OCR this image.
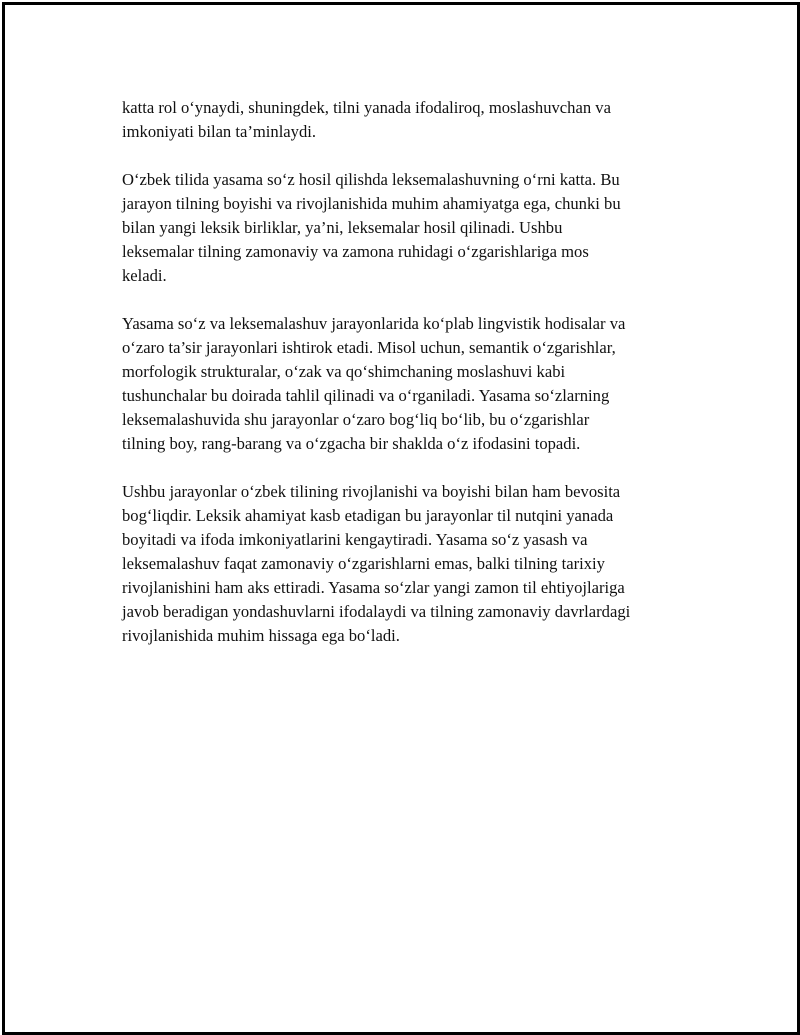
katta rol o‘ynaydi, shuningdek, tilni yanada ifodaliroq, moslashuvchan va
imkoniyati bilan ta’minlaydi.

O‘zbek tilida yasama so‘z hosil qilishda leksemalashuvning o‘rni katta. Bu
jarayon tilning boyishi va rivojlanishida muhim ahamiyatga ega, chunki bu
bilan yangi leksik birliklar, ya’ni, leksemalar hosil qilinadi. Ushbu
leksemalar tilning zamonaviy va zamona ruhidagi o‘zgarishlariga mos
keladi.

Yasama so‘z va leksemalashuv jarayonlarida ko‘plab lingvistik hodisalar va
o‘zaro ta’sir jarayonlari ishtirok etadi. Misol uchun, semantik o‘zgarishlar,
morfologik strukturalar, o‘zak va qo‘shimchaning moslashuvi kabi
tushunchalar bu doirada tahlil qilinadi va o‘rganiladi. Yasama so‘zlarning
leksemalashuvida shu jarayonlar o‘zaro bog‘liq bo‘lib, bu o‘zgarishlar
tilning boy, rang-barang va o‘zgacha bir shaklda o‘z ifodasini topadi.

Ushbu jarayonlar o‘zbek tilining rivojlanishi va boyishi bilan ham bevosita
bog‘liqdir. Leksik ahamiyat kasb etadigan bu jarayonlar til nutqini yanada
boyitadi va ifoda imkoniyatlarini kengaytiradi. Yasama so‘z yasash va
leksemalashuv faqat zamonaviy o‘zgarishlarni emas, balki tilning tarixiy
rivojlanishini ham aks ettiradi. Yasama so‘zlar yangi zamon til ehtiyojlariga
javob beradigan yondashuvlarni ifodalaydi va tilning zamonaviy davrlardagi
rivojlanishida muhim hissaga ega bo‘ladi.
